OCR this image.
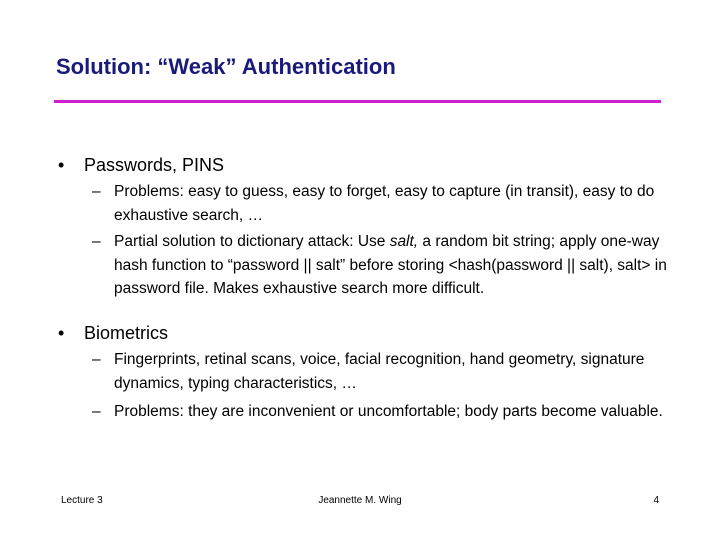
Solution: “Weak” Authentication
• Passwords, PINS
– Problems: easy to guess, easy to forget, easy to capture (in transit), easy to do exhaustive search, …
– Partial solution to dictionary attack: Use salt, a random bit string; apply one-way hash function to “password || salt” before storing <hash(password || salt), salt> in password file. Makes exhaustive search more difficult.
• Biometrics
– Fingerprints, retinal scans, voice, facial recognition, hand geometry, signature dynamics, typing characteristics, …
– Problems: they are inconvenient or uncomfortable; body parts become valuable.
Lecture 3	Jeannette M. Wing	4
